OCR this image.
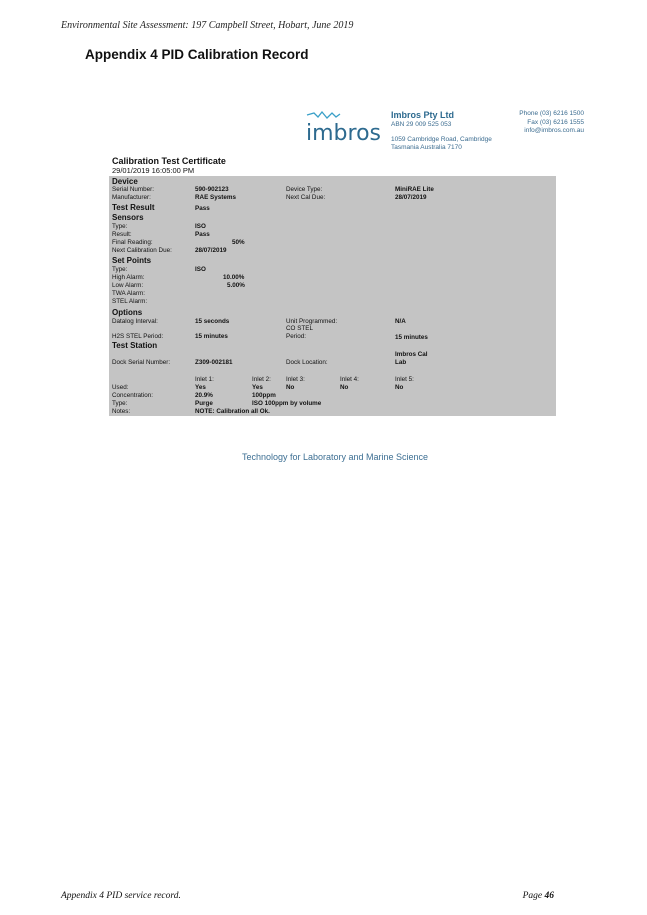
Environmental Site Assessment: 197 Campbell Street, Hobart, June 2019
Appendix 4 PID Calibration Record
imbros
Imbros Pty Ltd
ABN 29 009 525 053
1059 Cambridge Road, Cambridge
Tasmania Australia 7170
Phone (03) 6216 1500
Fax (03) 6216 1555
info@imbros.com.au
Calibration Test Certificate
29/01/2019 16:05:00 PM
Device
Serial Number:	590-902123	Device Type:	MiniRAE Lite
Manufacturer:	RAE Systems	Next Cal Due:	28/07/2019
Test Result	Pass
Sensors
Type:	ISO
Result:	Pass
Final Reading:	50%
Next Calibration Due:	28/07/2019
Set Points
Type:	ISO
High Alarm:	10.00%
Low Alarm:	5.00%
TWA Alarm:
STEL Alarm:
Options
Datalog Interval:	15 seconds	Unit Programmed:	N/A
CO STEL
H2S STEL Period:	15 minutes	Period:	15 minutes
Test Station
Imbros Cal
Dock Serial Number:	Z309-002181	Dock Location:	Lab
Inlet 1:	Inlet 2: Inlet 3:	Inlet 4:	Inlet 5:
Used:	Yes	Yes	No	No	No
Concentration:	20.9%	100ppm
Type:	Purge	ISO 100ppm by volume
Notes:	NOTE: Calibration all Ok.
Technology for Laboratory and Marine Science
Appendix 4 PID service record.	Page 46
